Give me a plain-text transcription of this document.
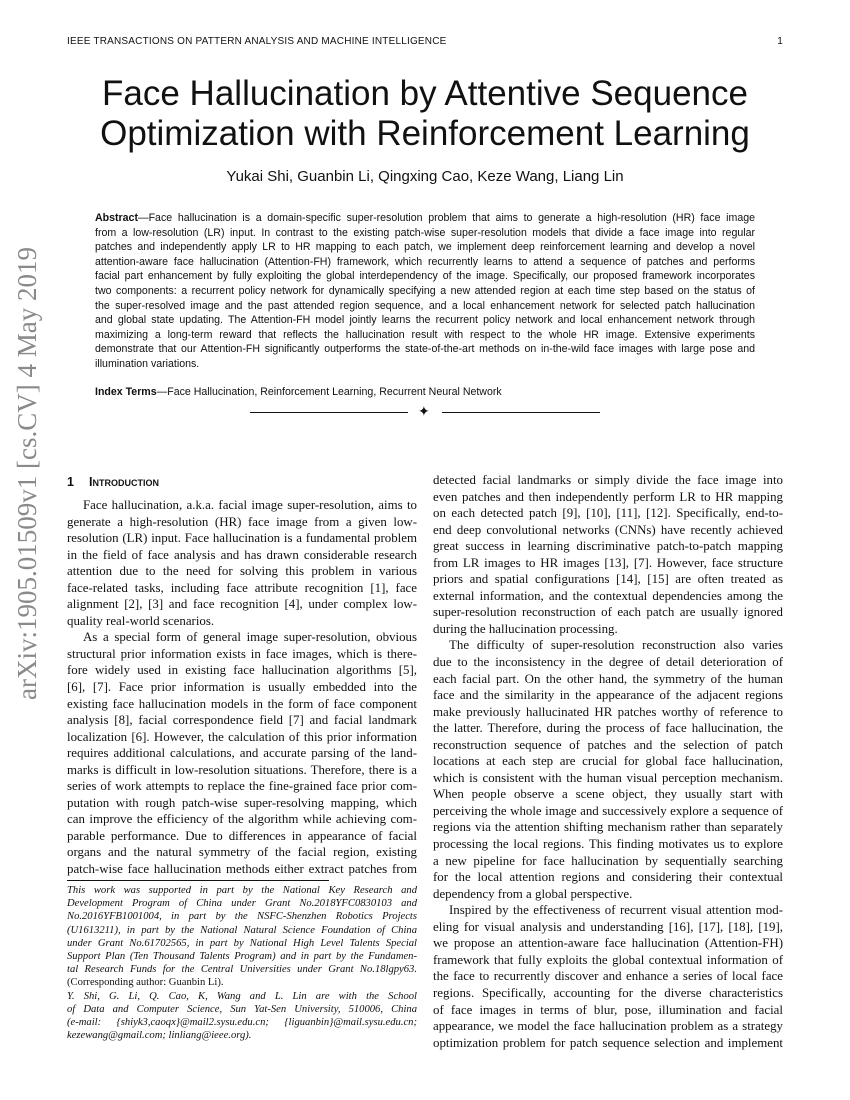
IEEE TRANSACTIONS ON PATTERN ANALYSIS AND MACHINE INTELLIGENCE	1
Face Hallucination by Attentive Sequence
Optimization with Reinforcement Learning
Yukai Shi, Guanbin Li, Qingxing Cao, Keze Wang, Liang Lin
arXiv:1905.01509v1 [cs.CV] 4 May 2019
Abstract—Face hallucination is a domain-specific super-resolution problem that aims to generate a high-resolution (HR) face image
from a low-resolution (LR) input. In contrast to the existing patch-wise super-resolution models that divide a face image into regular
patches and independently apply LR to HR mapping to each patch, we implement deep reinforcement learning and develop a novel
attention-aware face hallucination (Attention-FH) framework, which recurrently learns to attend a sequence of patches and performs
facial part enhancement by fully exploiting the global interdependency of the image. Specifically, our proposed framework incorporates
two components: a recurrent policy network for dynamically specifying a new attended region at each time step based on the status of
the super-resolved image and the past attended region sequence, and a local enhancement network for selected patch hallucination
and global state updating. The Attention-FH model jointly learns the recurrent policy network and local enhancement network through
maximizing a long-term reward that reflects the hallucination result with respect to the whole HR image. Extensive experiments
demonstrate that our Attention-FH significantly outperforms the state-of-the-art methods on in-the-wild face images with large pose and
illumination variations.
Index Terms—Face Hallucination, Reinforcement Learning, Recurrent Neural Network
✦
1 Introduction
Face hallucination, a.k.a. facial image super-resolution, aims to
generate a high-resolution (HR) face image from a given low-
resolution (LR) input. Face hallucination is a fundamental problem
in the field of face analysis and has drawn considerable research
attention due to the need for solving this problem in various
face-related tasks, including face attribute recognition [1], face
alignment [2], [3] and face recognition [4], under complex low-
quality real-world scenarios.
As a special form of general image super-resolution, obvious
structural prior information exists in face images, which is there-
fore widely used in existing face hallucination algorithms [5],
[6], [7]. Face prior information is usually embedded into the
existing face hallucination models in the form of face component
analysis [8], facial correspondence field [7] and facial landmark
localization [6]. However, the calculation of this prior information
requires additional calculations, and accurate parsing of the land-
marks is difficult in low-resolution situations. Therefore, there is a
series of work attempts to replace the fine-grained face prior com-
putation with rough patch-wise super-resolving mapping, which
can improve the efficiency of the algorithm while achieving com-
parable performance. Due to differences in appearance of facial
organs and the natural symmetry of the facial region, existing
patch-wise face hallucination methods either extract patches from
detected facial landmarks or simply divide the face image into
even patches and then independently perform LR to HR mapping
on each detected patch [9], [10], [11], [12]. Specifically, end-to-
end deep convolutional networks (CNNs) have recently achieved
great success in learning discriminative patch-to-patch mapping
from LR images to HR images [13], [7]. However, face structure
priors and spatial configurations [14], [15] are often treated as
external information, and the contextual dependencies among the
super-resolution reconstruction of each patch are usually ignored
during the hallucination processing.
The difficulty of super-resolution reconstruction also varies
due to the inconsistency in the degree of detail deterioration of
each facial part. On the other hand, the symmetry of the human
face and the similarity in the appearance of the adjacent regions
make previously hallucinated HR patches worthy of reference to
the latter. Therefore, during the process of face hallucination, the
reconstruction sequence of patches and the selection of patch
locations at each step are crucial for global face hallucination,
which is consistent with the human visual perception mechanism.
When people observe a scene object, they usually start with
perceiving the whole image and successively explore a sequence of
regions via the attention shifting mechanism rather than separately
processing the local regions. This finding motivates us to explore
a new pipeline for face hallucination by sequentially searching
for the local attention regions and considering their contextual
dependency from a global perspective.
Inspired by the effectiveness of recurrent visual attention mod-
eling for visual analysis and understanding [16], [17], [18], [19],
we propose an attention-aware face hallucination (Attention-FH)
framework that fully exploits the global contextual information of
the face to recurrently discover and enhance a series of local face
regions. Specifically, accounting for the diverse characteristics
of face images in terms of blur, pose, illumination and facial
appearance, we model the face hallucination problem as a strategy
optimization problem for patch sequence selection and implement
This work was supported in part by the National Key Research and
Development Program of China under Grant No.2018YFC0830103 and
No.2016YFB1001004, in part by the NSFC-Shenzhen Robotics Projects
(U1613211), in part by the National Natural Science Foundation of China
under Grant No.61702565, in part by National High Level Talents Special
Support Plan (Ten Thousand Talents Program) and in part by the Fundamen-
tal Research Funds for the Central Universities under Grant No.18lgpy63.
(Corresponding author: Guanbin Li).
Y. Shi, G. Li, Q. Cao, K, Wang and L. Lin are with the School
of Data and Computer Science, Sun Yat-Sen University, 510006, China
(e-mail: {shiyk3,caoqx}@mail2.sysu.edu.cn; {liguanbin}@mail.sysu.edu.cn;
kezewang@gmail.com; linliang@ieee.org).
